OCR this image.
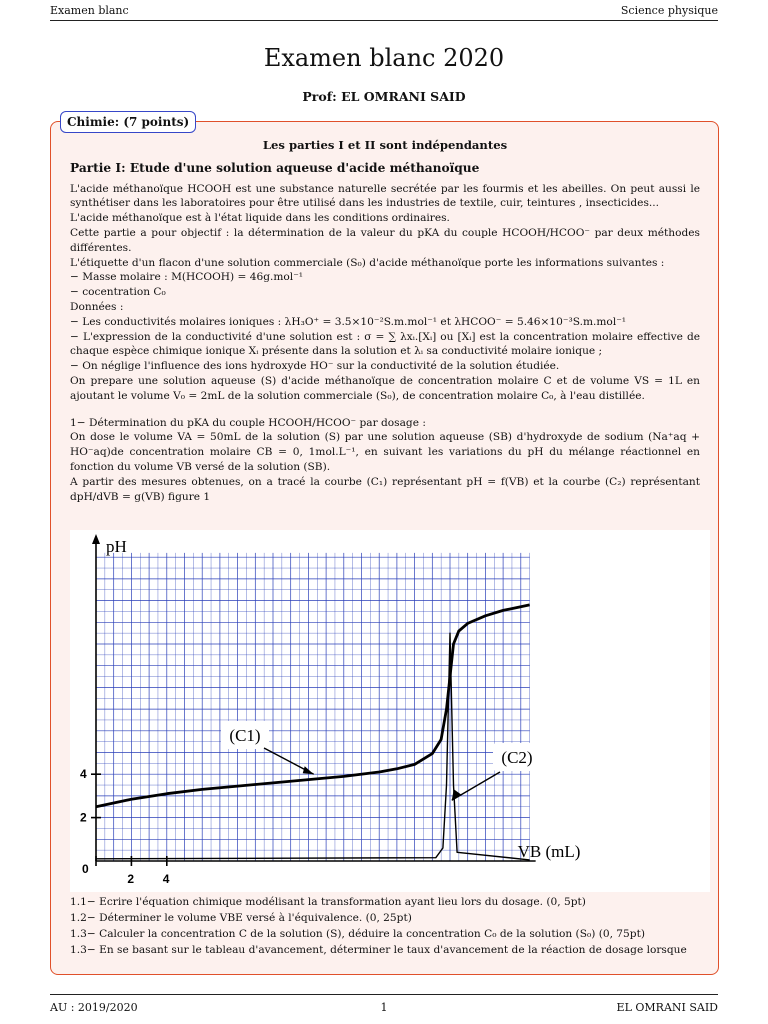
Examen blanc	Science physique
Examen blanc 2020
Prof: EL OMRANI SAID
Chimie: (7 points)
Les parties I et II sont indépendantes
Partie I: Etude d'une solution aqueuse d'acide méthanoïque
L'acide méthanoïque HCOOH est une substance naturelle secrétée par les fourmis et les abeilles. On peut aussi le synthétiser dans les laboratoires pour être utilisé dans les industries de textile, cuir, teintures , insecticides...
L'acide méthanoïque est à l'état liquide dans les conditions ordinaires.
Cette partie a pour objectif : la détermination de la valeur du pKA du couple HCOOH/HCOO⁻ par deux méthodes différentes.
L'étiquette d'un flacon d'une solution commerciale (S₀) d'acide méthanoïque porte les informations suivantes :
− Masse molaire : M(HCOOH) = 46g.mol⁻¹
− cocentration C₀
Données :
− Les conductivités molaires ioniques : λH₃O⁺ = 3.5×10⁻²S.m.mol⁻¹ et λHCOO⁻ = 5.46×10⁻³S.m.mol⁻¹
− L'expression de la conductivité d'une solution est : σ = ∑ λxᵢ.[Xᵢ] ou [Xᵢ] est la concentration molaire effective de chaque espèce chimique ionique Xᵢ présente dans la solution et λᵢ sa conductivité molaire ionique ;
− On néglige l'influence des ions hydroxyde HO⁻ sur la conductivité de la solution étudiée.
On prepare une solution aqueuse (S) d'acide méthanoïque de concentration molaire C et de volume VS = 1L en ajoutant le volume V₀ = 2mL de la solution commerciale (S₀), de concentration molaire C₀, à l'eau distillée.
1− Détermination du pKA du couple HCOOH/HCOO⁻ par dosage :
On dose le volume VA = 50mL de la solution (S) par une solution aqueuse (SB) d'hydroxyde de sodium (Na⁺aq + HO⁻aq)de concentration molaire CB = 0, 1mol.L⁻¹, en suivant les variations du pH du mélange réactionnel en fonction du volume VB versé de la solution (SB).
A partir des mesures obtenues, on a tracé la courbe (C₁) représentant pH = f(VB) et la courbe (C₂) représentant dpH/dVB = g(VB) figure 1
pH
VB (mL)
0
2 4
2
4
(C1)
(C2)
1.1− Ecrire l'équation chimique modélisant la transformation ayant lieu lors du dosage. (0, 5pt)
1.2− Déterminer le volume VBE versé à l'équivalence. (0, 25pt)
1.3− Calculer la concentration C de la solution (S), déduire la concentration C₀ de la solution (S₀) (0, 75pt)
1.3− En se basant sur le tableau d'avancement, déterminer le taux d'avancement de la réaction de dosage lorsque
AU : 2019/2020	1	EL OMRANI SAID
